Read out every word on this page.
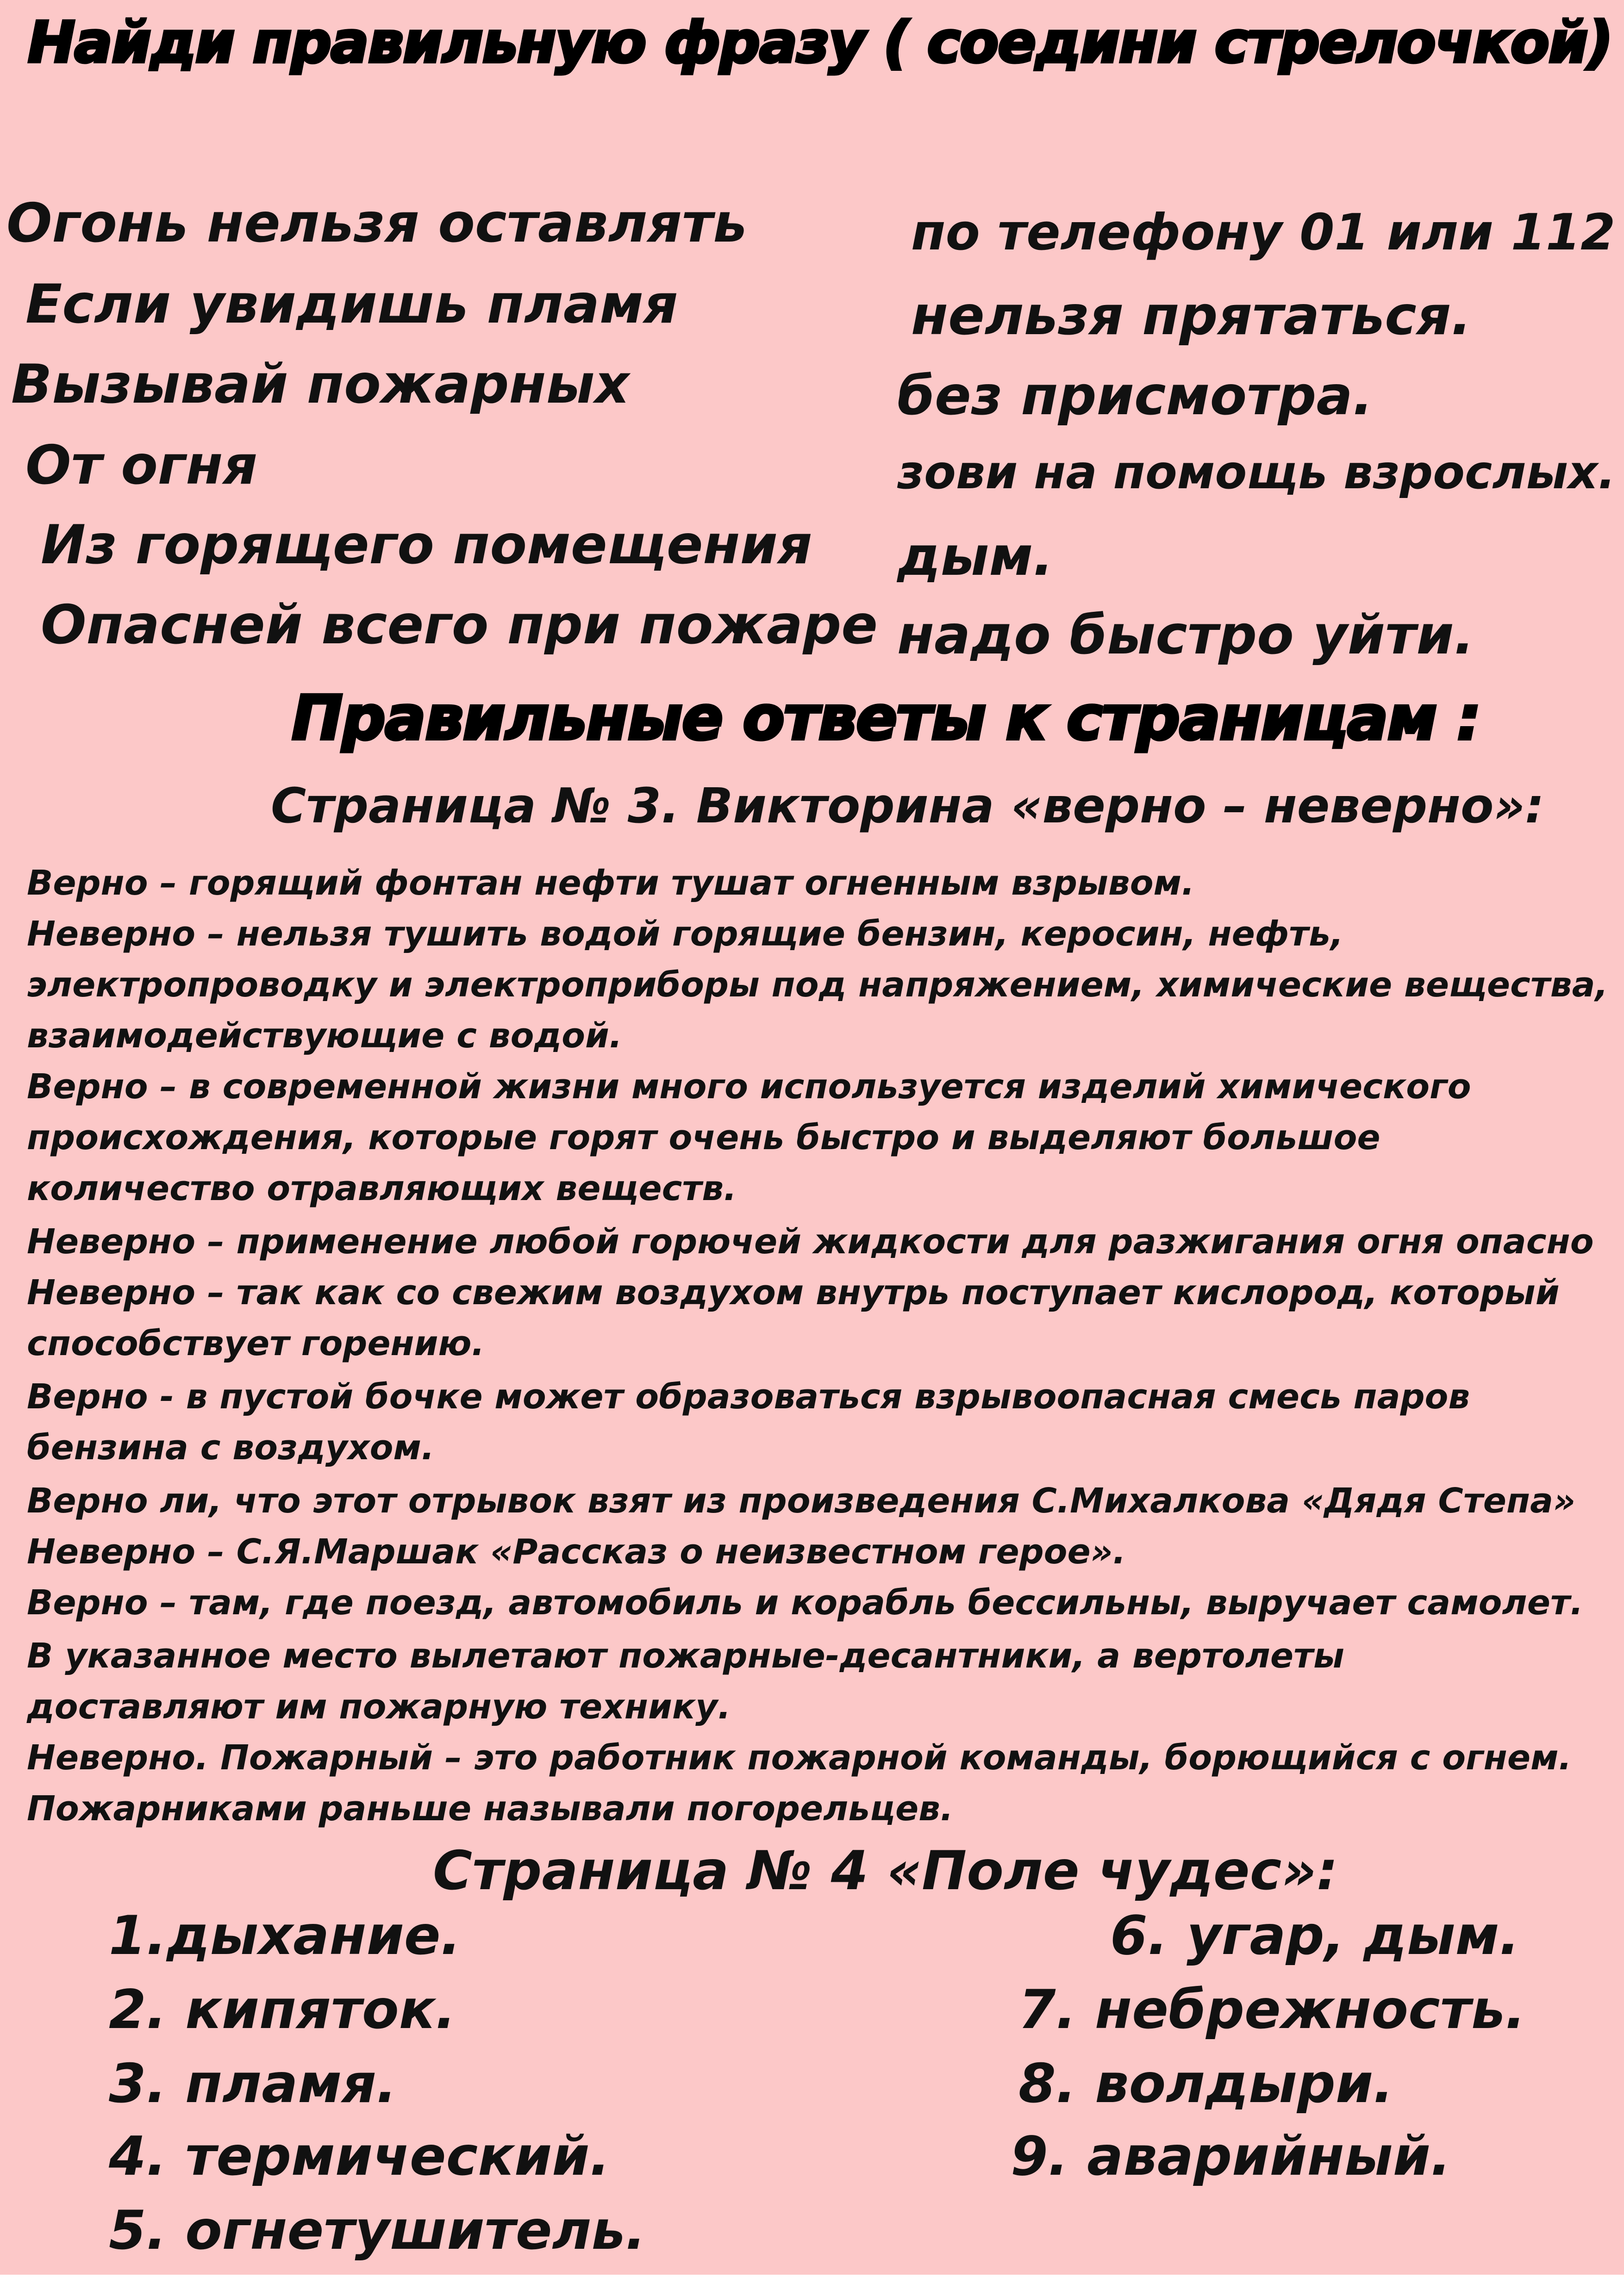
Найди правильную фразу ( соедини стрелочкой)
Огонь нельзя оставлять
Если увидишь пламя
Вызывай пожарных
От огня
Из горящего помещения
Опасней всего при пожаре
по телефону 01 или 112
нельзя прятаться.
без присмотра.
зови на помощь взрослых.
дым.
надо быстро уйти.
Правильные ответы к страницам :
Страница № 3. Викторина «верно – неверно»:
Верно – горящий фонтан нефти тушат огненным взрывом.
Неверно – нельзя тушить водой горящие бензин, керосин, нефть,
электропроводку и электроприборы под напряжением, химические вещества,
взаимодействующие с водой.
Верно – в современной жизни много используется изделий химического
происхождения, которые горят очень быстро и выделяют большое
количество отравляющих веществ.
Неверно – применение любой горючей жидкости для разжигания огня опасно
Неверно – так как со свежим воздухом внутрь поступает кислород, который
способствует горению.
Верно - в пустой бочке может образоваться взрывоопасная смесь паров
бензина с воздухом.
Верно ли, что этот отрывок взят из произведения С.Михалкова «Дядя Степа»
Неверно – С.Я.Маршак «Рассказ о неизвестном герое».
Верно – там, где поезд, автомобиль и корабль бессильны, выручает самолет.
В указанное место вылетают пожарные-десантники, а вертолеты
доставляют им пожарную технику.
Неверно. Пожарный – это работник пожарной команды, борющийся с огнем.
Пожарниками раньше называли погорельцев.
Страница № 4 «Поле чудес»:
1.дыхание.
2. кипяток.
3. пламя.
4. термический.
5. огнетушитель.
6. угар, дым.
7. небрежность.
8. волдыри.
9. аварийный.
